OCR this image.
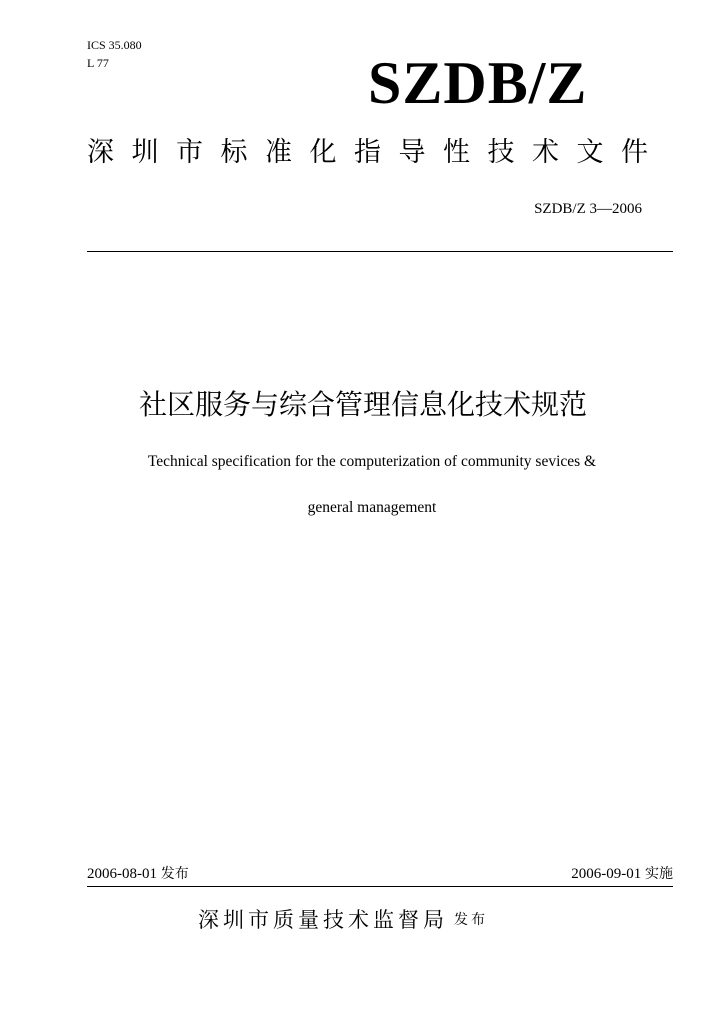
ICS 35.080
L 77	SZDB/Z
深圳市标准化指导性技术文件
SZDB/Z 3—2006
社区服务与综合管理信息化技术规范
Technical specification for the computerization of community sevices &
general management
2006-08-01 发布	2006-09-01 实施
深圳市质量技术监督局 发布
